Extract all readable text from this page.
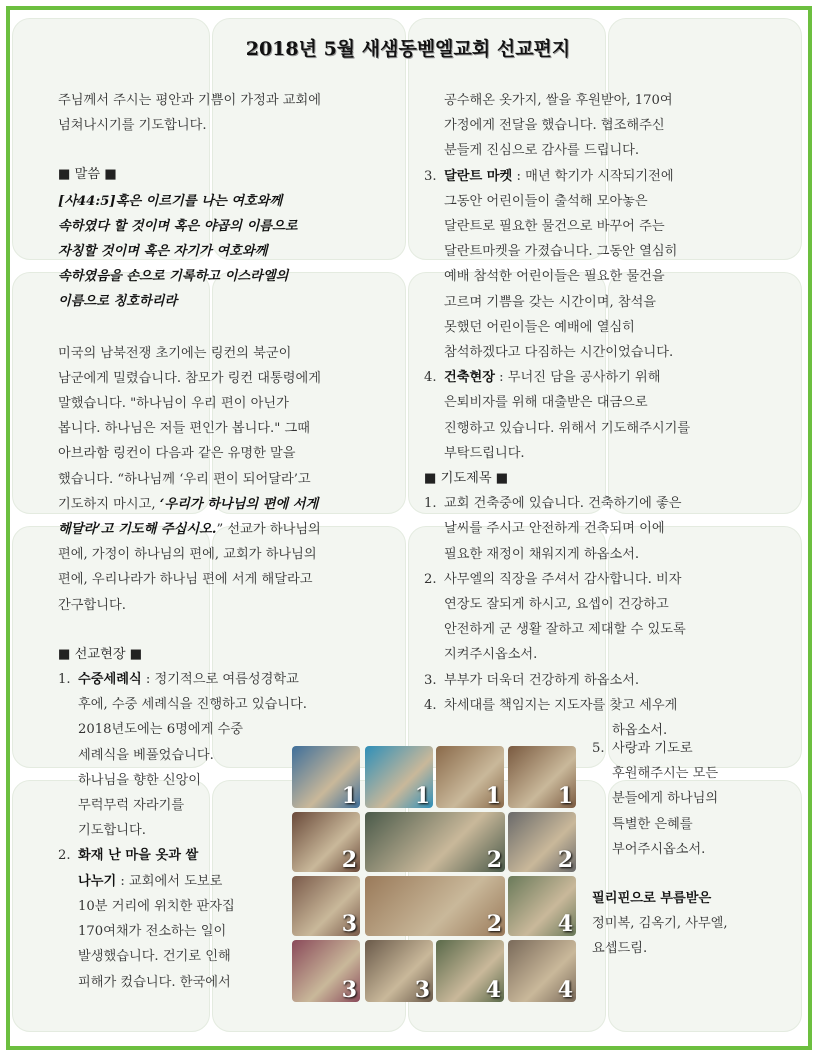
2018년 5월 새샘동벧엘교회 선교편지

주님께서 주시는 평안과 기쁨이 가정과 교회에

넘쳐나시기를 기도합니다.

■ 말씀 ■

[사44:5]혹은 이르기를 나는 여호와께

속하였다 할 것이며 혹은 야곱의 이름으로

자칭할 것이며 혹은 자기가 여호와께

속하였음을 손으로 기록하고 이스라엘의

이름으로 칭호하리라

미국의 남북전쟁 초기에는 링컨의 북군이

남군에게 밀렸습니다. 참모가 링컨 대통령에게

말했습니다. "하나님이 우리 편이 아닌가

봅니다. 하나님은 저들 편인가 봅니다." 그때

아브라함 링컨이 다음과 같은 유명한 말을

했습니다. “하나님께 ‘우리 편이 되어달라’고

기도하지 마시고, ‘우리가 하나님의 편에 서게

해달라’고 기도해 주십시오.” 선교가 하나님의

편에, 가정이 하나님의 편에, 교회가 하나님의

편에, 우리나라가 하나님 편에 서게 해달라고

간구합니다.

■ 선교현장 ■

1. 수중세례식 : 정기적으로 여름성경학교

후에, 수중 세례식을 진행하고 있습니다.

2018년도에는 6명에게 수중

세례식을 베풀었습니다.

하나님을 향한 신앙이

무럭무럭 자라기를

기도합니다.

2. 화재 난 마을 옷과 쌀

나누기 : 교회에서 도보로

10분 거리에 위치한 판자집

170여채가 전소하는 일이

발생했습니다. 건기로 인해

피해가 컸습니다. 한국에서

공수해온 옷가지, 쌀을 후원받아, 170여

가정에게 전달을 했습니다. 협조해주신

분들게 진심으로 감사를 드립니다.

3. 달란트 마켓 : 매년 학기가 시작되기전에

그동안 어린이들이 출석해 모아놓은

달란트로 필요한 물건으로 바꾸어 주는

달란트마켓을 가졌습니다. 그동안 열심히

예배 참석한 어린이들은 필요한 물건을

고르며 기쁨을 갖는 시간이며, 참석을

못했던 어린이들은 예배에 열심히

참석하겠다고 다짐하는 시간이었습니다.

4. 건축현장 : 무너진 담을 공사하기 위해

은퇴비자를 위해 대출받은 대금으로

진행하고 있습니다. 위해서 기도해주시기를

부탁드립니다.

■ 기도제목 ■

1. 교회 건축중에 있습니다. 건축하기에 좋은

날씨를 주시고 안전하게 건축되며 이에

필요한 재정이 채워지게 하옵소서.

2. 사무엘의 직장을 주셔서 감사합니다. 비자

연장도 잘되게 하시고, 요셉이 건강하고

안전하게 군 생활 잘하고 제대할 수 있도록

지켜주시옵소서.

3. 부부가 더욱더 건강하게 하옵소서.
4. 차세대를 책임지는 지도자를 찾고 세우게

하옵소서.

5. 사랑과 기도로

후원해주시는 모든

분들에게 하나님의

특별한 은혜를

부어주시옵소서.

필리핀으로 부름받은

정미복, 김옥기, 사무엘,

요셉드림.

1	1	1	1
2	2	2
3	2	4
3	3	4	4
